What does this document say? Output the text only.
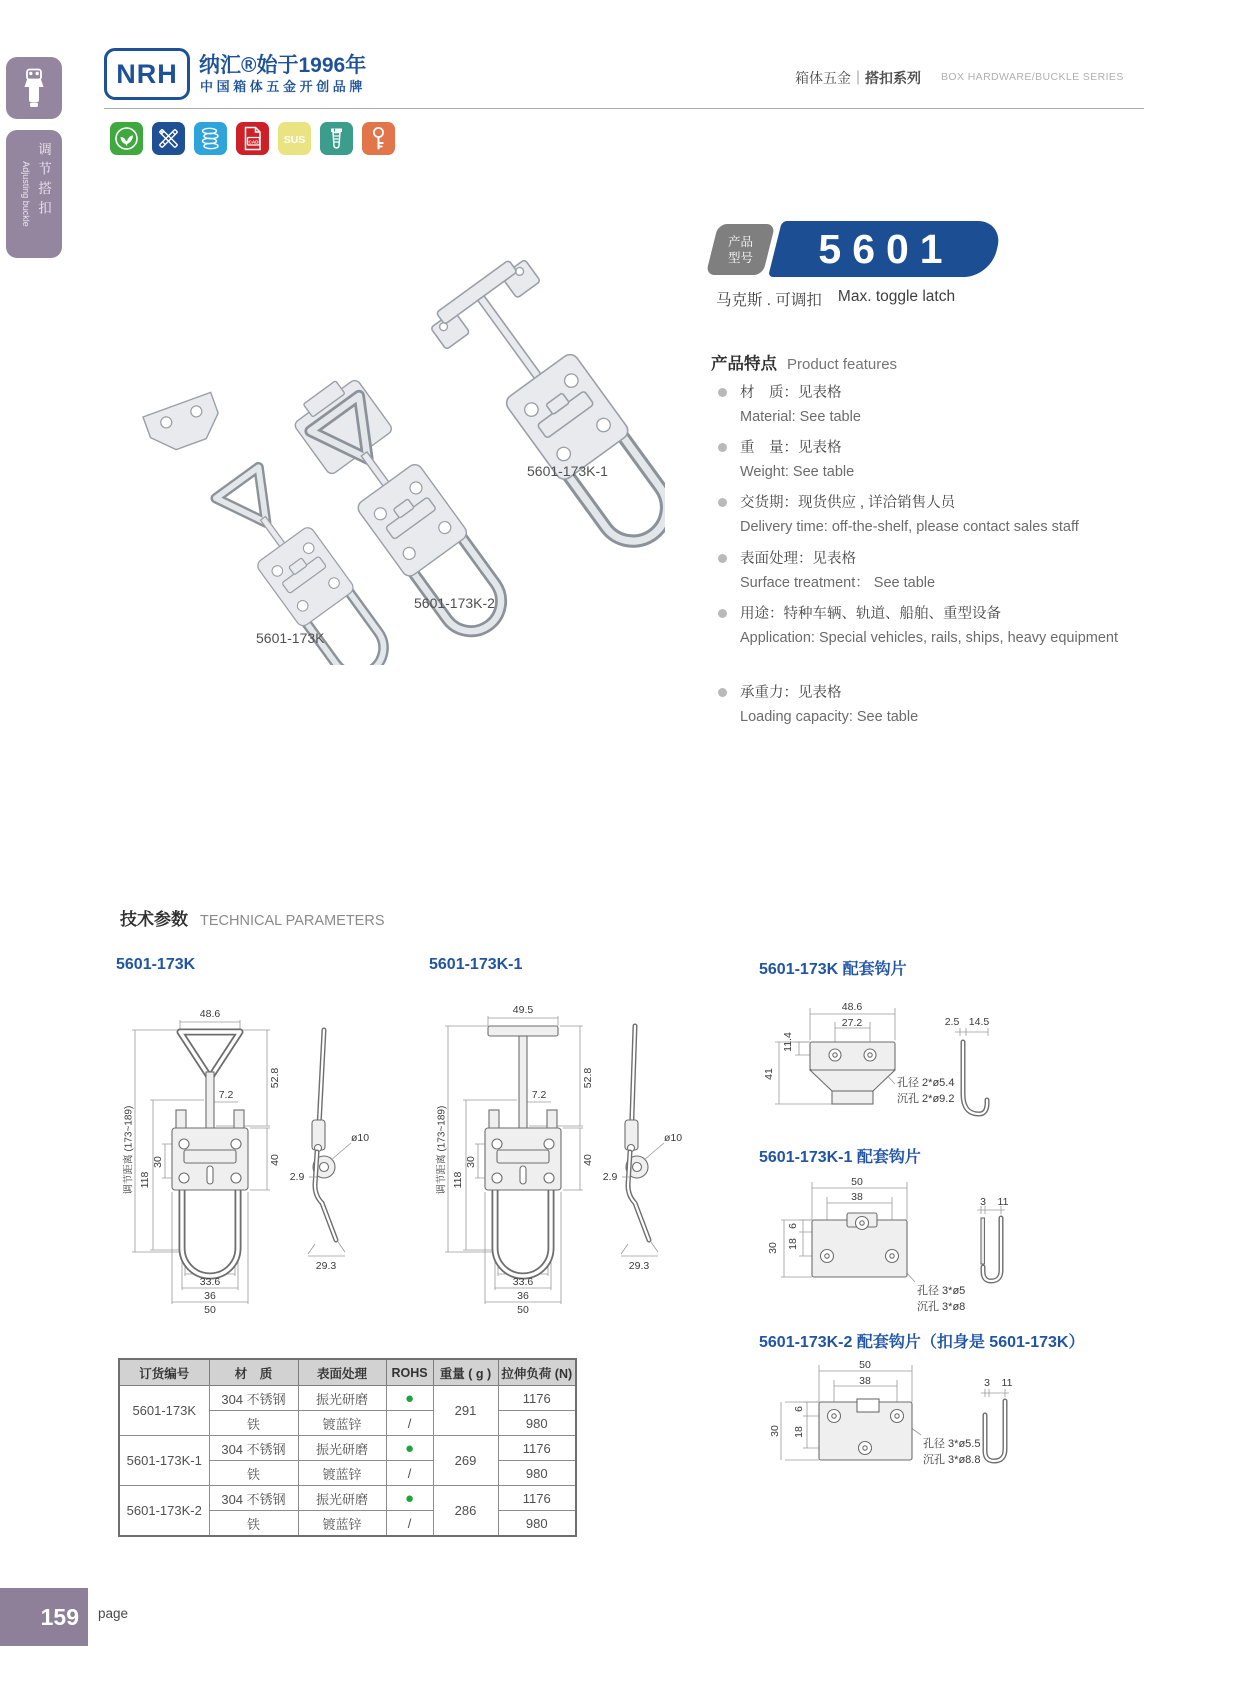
调节搭扣
Adjusting buckle
NRH 纳汇®始于1996年
中国箱体五金开创品牌
箱体五金｜搭扣系列 BOX HARDWARE/BUCKLE SERIES
CAD SUS
产品
型号	5601
马克斯 . 可调扣 Max. toggle latch
产品特点 Product features
材　质：见表格
Material: See table
重　量：见表格
Weight: See table
交货期：现货供应 , 详洽销售人员
Delivery time: off-the-shelf, please contact sales staff
表面处理：见表格
Surface treatment： See table
用途：特种车辆、轨道、船舶、重型设备
Application: Special vehicles, rails, ships, heavy equipment
承重力：见表格
Loading capacity: See table
5601-173K-1
5601-173K-2
5601-173K
技术参数 TECHNICAL PARAMETERS
5601-173K
48.6
52.8
7.2
40
30
118
调节距离 (173~189)
33.6
36
50
2.9
ø10
29.3
5601-173K-1
49.5
52.8
7.2
40
30
118
调节距离 (173~189)
33.6
36
50
2.9
ø10
29.3
5601-173K 配套钩片
48.6
27.2
11.4
41
2.5 14.5
孔径 2*ø5.4
沉孔 2*ø9.2
5601-173K-1 配套钩片
50
38
6
18
30
3 11
孔径 3*ø5
沉孔 3*ø8
5601-173K-2 配套钩片（扣身是 5601-173K）
50
38
6
18
30
3 11
孔径 3*ø5.5
沉孔 3*ø8.8
订货编号	材　质	表面处理	ROHS	重量 ( g )	拉伸负荷 (N)
5601-173K	304 不锈钢	振光研磨	●	291	1176
	铁	镀蓝锌	/		980
5601-173K-1	304 不锈钢	振光研磨	●	269	1176
	铁	镀蓝锌	/		980
5601-173K-2	304 不锈钢	振光研磨	●	286	1176
	铁	镀蓝锌	/		980
159 page
